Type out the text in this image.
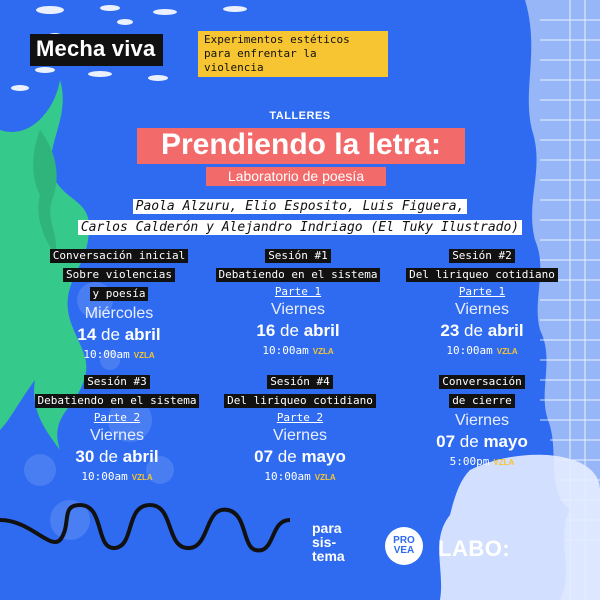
Mecha viva	Experimentos estéticos
para enfrentar la violencia
TALLERES
Prendiendo la letra:
Laboratorio de poesía
Paola Alzuru, Elio Esposito, Luis Figuera,
Carlos Calderón y Alejandro Indriago (El Tuky Ilustrado)
Conversación inicial
Sobre violencias
y poesía
Miércoles
14 de abril
10:00am VZLA
Sesión #1
Debatiendo en el sistema
Parte 1
Viernes
16 de abril
10:00am VZLA
Sesión #2
Del liriqueo cotidiano
Parte 1
Viernes
23 de abril
10:00am VZLA
Sesión #3
Debatiendo en el sistema
Parte 2
Viernes
30 de abril
10:00am VZLA
Sesión #4
Del liriqueo cotidiano
Parte 2
Viernes
07 de mayo
10:00am VZLA
Conversación
de cierre
Viernes
07 de mayo
5:00pm VZLA
para
sis-
tema
PRO
VEA	LABO:
